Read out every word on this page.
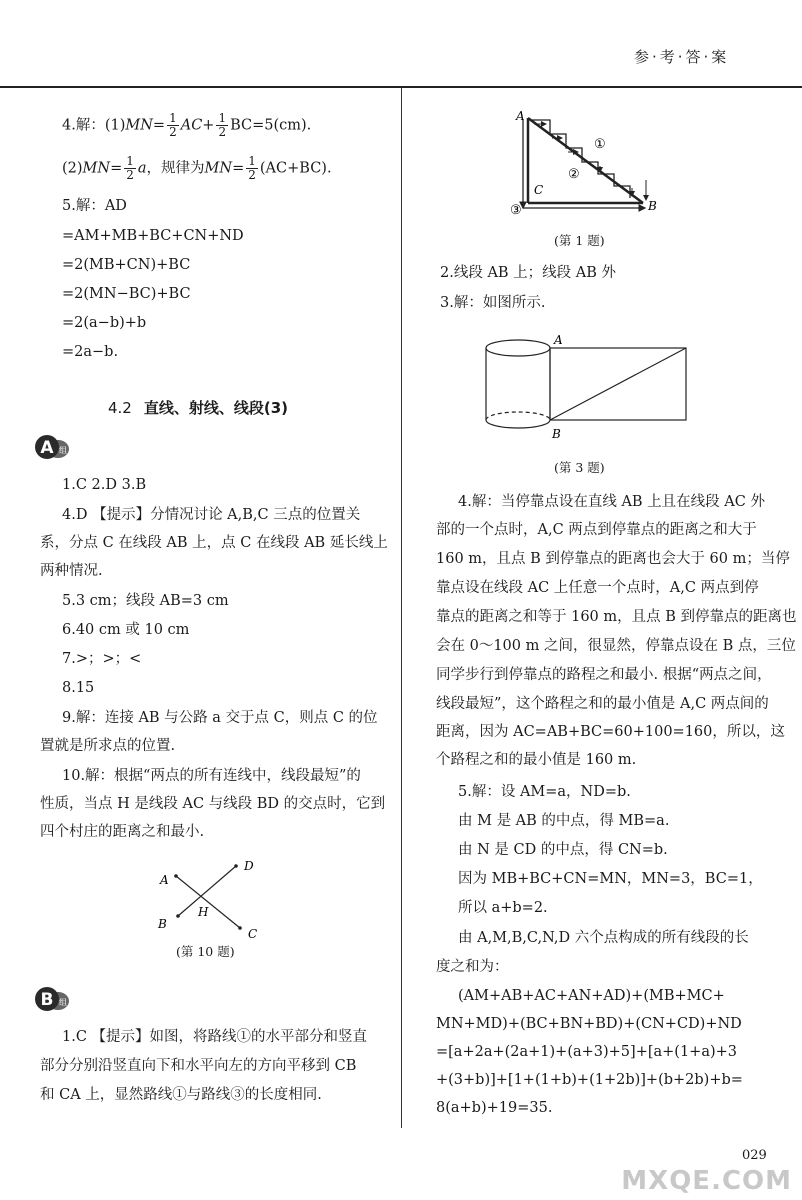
参·考·答·案
4.解：$(1)MN= \frac{1}{2} AC+ \frac{1}{2} BC=5(cm)$.
$(2)MN= \frac{1}{2}$ a，规律为$MN= \frac{1}{2} (AC+BC)$.
5.解：AD
=AM+MB+BC+CN+ND
=2(MB+CN)+BC
=2(MN−BC)+BC
=2(a−b)+b
=2a−b.
4.2 直线、射线、线段(3)
A 组
1.C 2.D 3.B
4.D 【提示】分情况讨论 A,B,C 三点的位置关
系，分点 C 在线段 AB 上，点 C 在线段 AB 延长线上
两种情况.
5.3 cm；线段 AB=3 cm
6.40 cm 或 10 cm
7.>；>；<
8.15
9.解：连接 AB 与公路 a 交于点 C，则点 C 的位
置就是所求点的位置.
10.解：根据“两点的所有连线中，线段最短”的
性质，当点 H 是线段 AC 与线段 BD 的交点时，它到
四个村庄的距离之和最小.
A
B
C
D
H
(第 10 题)
B 组
1.C 【提示】如图，将路线①的水平部分和竖直
部分分别沿竖直向下和水平向左的方向平移到 CB
和 CA 上，显然路线①与路线③的长度相同.
A
B
C
①
②
③
(第 1 题)
2.线段 AB 上；线段 AB 外
3.解：如图所示.
A
B
(第 3 题)
4.解：当停靠点设在直线 AB 上且在线段 AC 外
部的一个点时，A,C 两点到停靠点的距离之和大于
160 m，且点 B 到停靠点的距离也会大于 60 m；当停
靠点设在线段 AC 上任意一个点时，A,C 两点到停
靠点的距离之和等于 160 m，且点 B 到停靠点的距离也
会在 0～100 m 之间，很显然，停靠点设在 B 点，三位
同学步行到停靠点的路程之和最小. 根据“两点之间，
线段最短”，这个路程之和的最小值是 A,C 两点间的
距离，因为 AC=AB+BC=60+100=160，所以，这
个路程之和的最小值是 160 m.
5.解：设 AM=a，ND=b.
由 M 是 AB 的中点，得 MB=a.
由 N 是 CD 的中点，得 CN=b.
因为 MB+BC+CN=MN，MN=3，BC=1，
所以 a+b=2.
由 A,M,B,C,N,D 六个点构成的所有线段的长
度之和为：
(AM+AB+AC+AN+AD)+(MB+MC+
MN+MD)+(BC+BN+BD)+(CN+CD)+ND
=[a+2a+(2a+1)+(a+3)+5]+[a+(1+a)+3
+(3+b)]+[1+(1+b)+(1+2b)]+(b+2b)+b=
8(a+b)+19=35.
029
MXQE.COM
